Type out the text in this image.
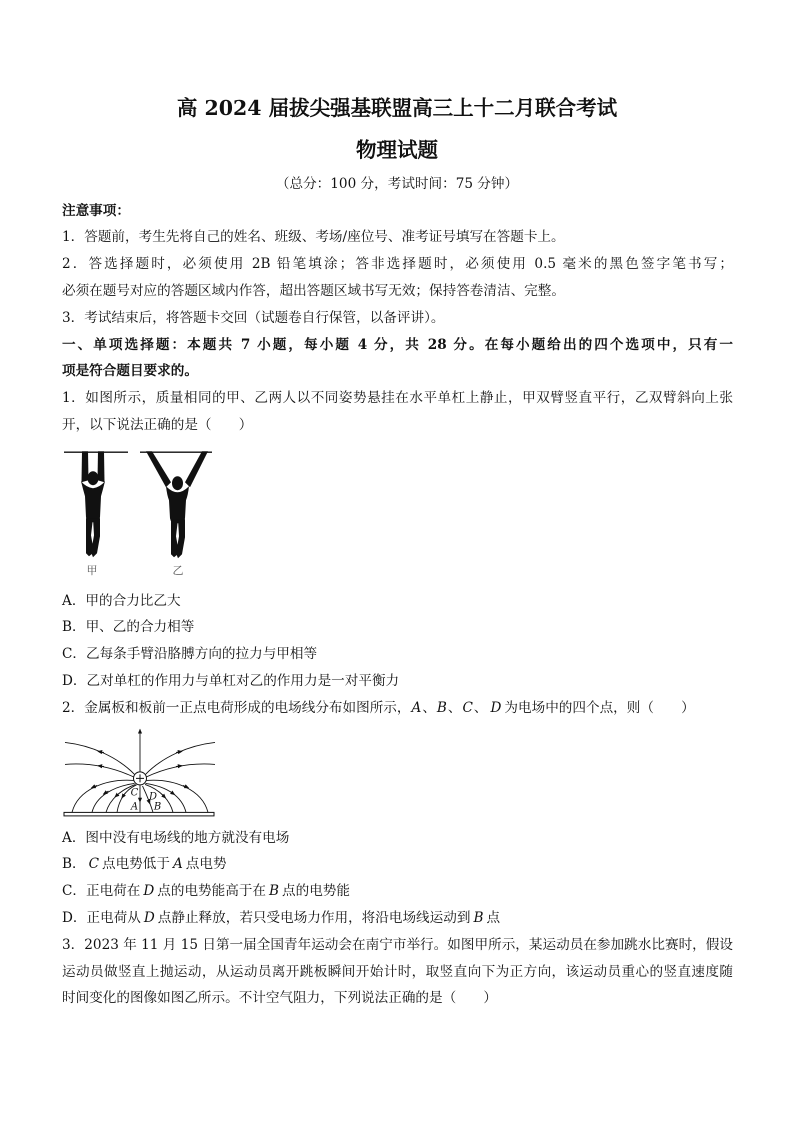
高 2024 届拔尖强基联盟高三上十二月联合考试
物理试题
（总分：100 分，考试时间：75 分钟）
注意事项：
1．答题前，考生先将自己的姓名、班级、考场/座位号、准考证号填写在答题卡上。
2．答选择题时，必须使用 2B 铅笔填涂；答非选择题时，必须使用 0.5 毫米的黑色签字笔书写；
必须在题号对应的答题区域内作答，超出答题区域书写无效；保持答卷清洁、完整。
3．考试结束后，将答题卡交回（试题卷自行保管，以备评讲）。
一、单项选择题：本题共 7 小题，每小题 4 分，共 28 分。在每小题给出的四个选项中，只有一
项是符合题目要求的。
1．如图所示，质量相同的甲、乙两人以不同姿势悬挂在水平单杠上静止，甲双臂竖直平行，乙双臂斜向上张
开，以下说法正确的是（　　）
甲	乙
A．甲的合力比乙大
B．甲、乙的合力相等
C．乙每条手臂沿胳膊方向的拉力与甲相等
D．乙对单杠的作用力与单杠对乙的作用力是一对平衡力
2．金属板和板前一正点电荷形成的电场线分布如图所示，A、B、C、 D 为电场中的四个点，则（　　）
C D
A B
A．图中没有电场线的地方就没有电场
B． C 点电势低于 A 点电势
C．正电荷在 D 点的电势能高于在 B 点的电势能
D．正电荷从 D 点静止释放，若只受电场力作用，将沿电场线运动到 B 点
3．2023 年 11 月 15 日第一届全国青年运动会在南宁市举行。如图甲所示，某运动员在参加跳水比赛时，假设
运动员做竖直上抛运动，从运动员离开跳板瞬间开始计时，取竖直向下为正方向，该运动员重心的竖直速度随
时间变化的图像如图乙所示。不计空气阻力，下列说法正确的是（　　）
